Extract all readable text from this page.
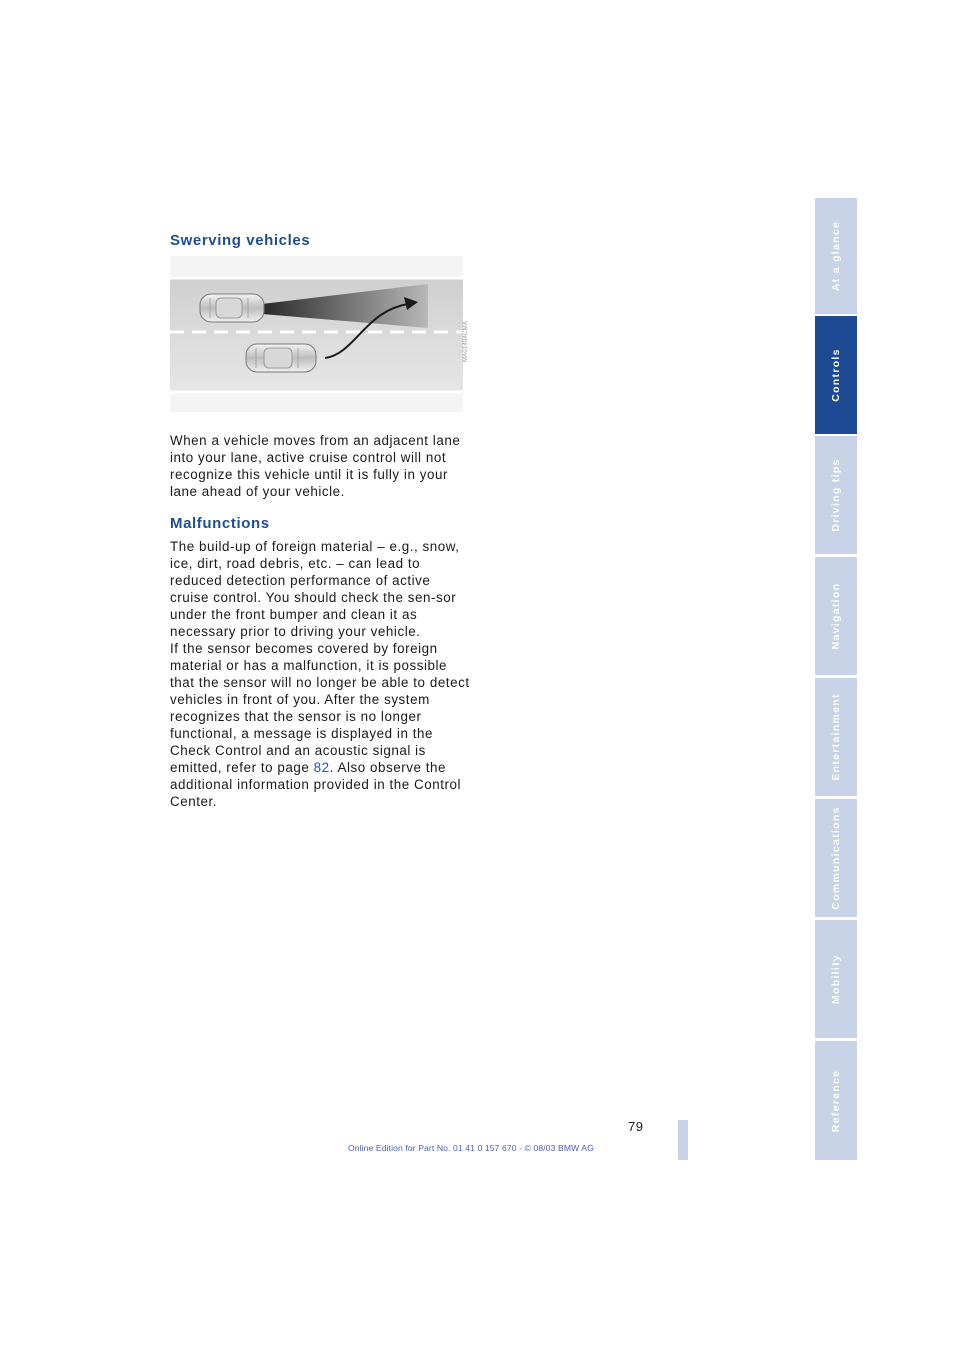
Swerving vehicles
MA01494CMA

When a vehicle moves from an adjacent lane into your lane, active cruise control will not recognize this vehicle until it is fully in your lane ahead of your vehicle.

Malfunctions

The build-up of foreign material – e.g., snow, ice, dirt, road debris, etc. – can lead to reduced detection performance of active cruise control. You should check the sen-sor under the front bumper and clean it as necessary prior to driving your vehicle.

If the sensor becomes covered by foreign material or has a malfunction, it is possible that the sensor will no longer be able to detect vehicles in front of you. After the system recognizes that the sensor is no longer functional, a message is displayed in the Check Control and an acoustic signal is emitted, refer to page 82. Also observe the additional information provided in the Control Center.

79
Online Edition for Part No. 01 41 0 157 670 - © 08/03 BMW AG
At a glance
Controls
Driving tips
Navigation
Entertainment
Communications
Mobility
Reference
